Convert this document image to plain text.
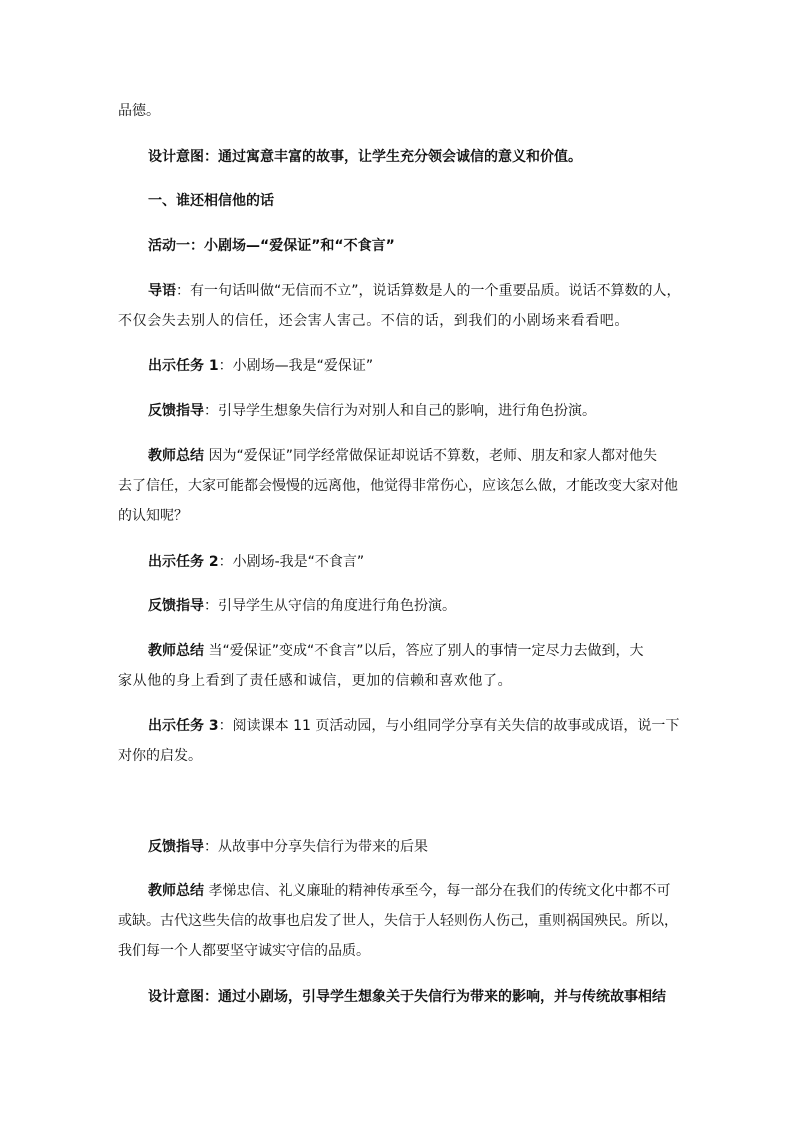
品德。
设计意图：通过寓意丰富的故事，让学生充分领会诚信的意义和价值。
一、谁还相信他的话
活动一：小剧场—“爱保证”和“不食言”
导语：有一句话叫做“无信而不立”，说话算数是人的一个重要品质。说话不算数的人，
不仅会失去别人的信任，还会害人害己。不信的话，到我们的小剧场来看看吧。
出示任务 1：小剧场—我是“爱保证”
反馈指导：引导学生想象失信行为对别人和自己的影响，进行角色扮演。
教师总结 因为“爱保证”同学经常做保证却说话不算数，老师、朋友和家人都对他失
去了信任，大家可能都会慢慢的远离他，他觉得非常伤心，应该怎么做，才能改变大家对他
的认知呢？
出示任务 2：小剧场-我是“不食言”
反馈指导：引导学生从守信的角度进行角色扮演。
教师总结 当“爱保证”变成“不食言”以后，答应了别人的事情一定尽力去做到，大
家从他的身上看到了责任感和诚信，更加的信赖和喜欢他了。
出示任务 3：阅读课本 11 页活动园，与小组同学分享有关失信的故事或成语，说一下
对你的启发。
反馈指导：从故事中分享失信行为带来的后果
教师总结 孝悌忠信、礼义廉耻的精神传承至今，每一部分在我们的传统文化中都不可
或缺。古代这些失信的故事也启发了世人，失信于人轻则伤人伤己，重则祸国殃民。所以，
我们每一个人都要坚守诚实守信的品质。
设计意图：通过小剧场，引导学生想象关于失信行为带来的影响，并与传统故事相结
